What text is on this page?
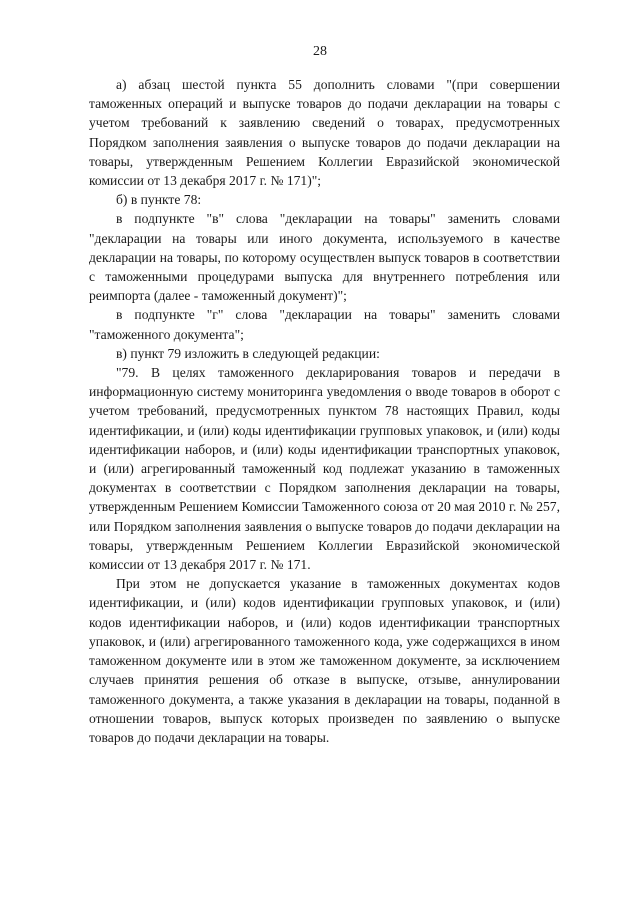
28

а) абзац шестой пункта 55 дополнить словами "(при совершении таможенных операций и выпуске товаров до подачи декларации на товары с учетом требований к заявлению сведений о товарах, предусмотренных Порядком заполнения заявления о выпуске товаров до подачи декларации на товары, утвержденным Решением Коллегии Евразийской экономической комиссии от 13 декабря 2017 г. № 171)";

б) в пункте 78:

в подпункте "в" слова "декларации на товары" заменить словами "декларации на товары или иного документа, используемого в качестве декларации на товары, по которому осуществлен выпуск товаров в соответствии с таможенными процедурами выпуска для внутреннего потребления или реимпорта (далее - таможенный документ)";

в подпункте "г" слова "декларации на товары" заменить словами "таможенного документа";

в) пункт 79 изложить в следующей редакции:

"79. В целях таможенного декларирования товаров и передачи в информационную систему мониторинга уведомления о вводе товаров в оборот с учетом требований, предусмотренных пунктом 78 настоящих Правил, коды идентификации, и (или) коды идентификации групповых упаковок, и (или) коды идентификации наборов, и (или) коды идентификации транспортных упаковок, и (или) агрегированный таможенный код подлежат указанию в таможенных документах в соответствии с Порядком заполнения декларации на товары, утвержденным Решением Комиссии Таможенного союза от 20 мая 2010 г. № 257, или Порядком заполнения заявления о выпуске товаров до подачи декларации на товары, утвержденным Решением Коллегии Евразийской экономической комиссии от 13 декабря 2017 г. № 171.

При этом не допускается указание в таможенных документах кодов идентификации, и (или) кодов идентификации групповых упаковок, и (или) кодов идентификации наборов, и (или) кодов идентификации транспортных упаковок, и (или) агрегированного таможенного кода, уже содержащихся в ином таможенном документе или в этом же таможенном документе, за исключением случаев принятия решения об отказе в выпуске, отзыве, аннулировании таможенного документа, а также указания в декларации на товары, поданной в отношении товаров, выпуск которых произведен по заявлению о выпуске товаров до подачи декларации на товары.
